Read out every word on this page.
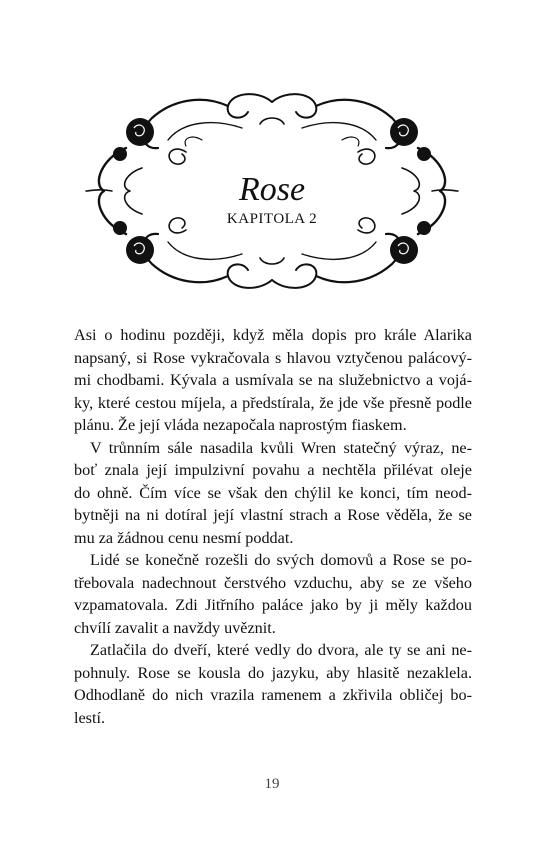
Rose
KAPITOLA 2
Asi o hodinu později, když měla dopis pro krále Alarika
napsaný, si Rose vykračovala s hlavou vztyčenou palácový-
mi chodbami. Kývala a usmívala se na služebnictvo a vojá-
ky, které cestou míjela, a předstírala, že jde vše přesně podle
plánu. Že její vláda nezapočala naprostým fiaskem.
V trůnním sále nasadila kvůli Wren statečný výraz, ne-
boť znala její impulzivní povahu a nechtěla přilévat oleje
do ohně. Čím více se však den chýlil ke konci, tím neod-
bytněji na ni dotíral její vlastní strach a Rose věděla, že se
mu za žádnou cenu nesmí poddat.
Lidé se konečně rozešli do svých domovů a Rose se po-
třebovala nadechnout čerstvého vzduchu, aby se ze všeho
vzpamatovala. Zdi Jitřního paláce jako by ji měly každou
chvílí zavalit a navždy uvěznit.
Zatlačila do dveří, které vedly do dvora, ale ty se ani ne-
pohnuly. Rose se kousla do jazyku, aby hlasitě nezaklela.
Odhodlaně do nich vrazila ramenem a zkřivila obličej bo-
lestí.
19
